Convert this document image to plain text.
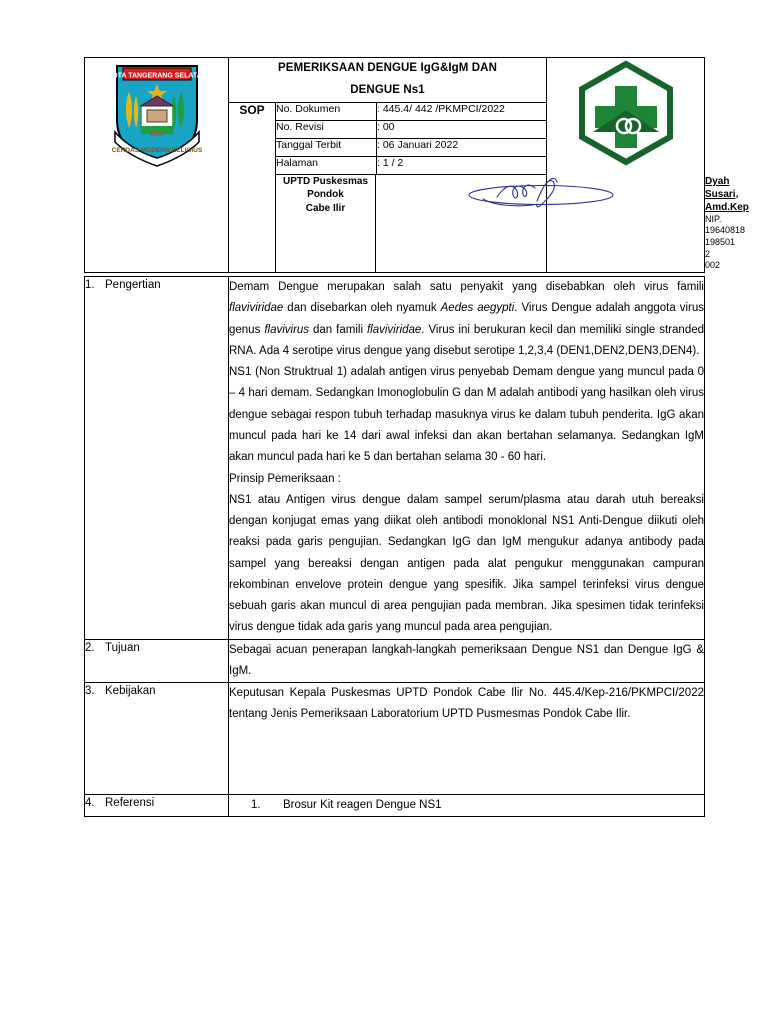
KOTA TANGERANG SELATAN
CERDAS MODERN RELIGIUS
2008

PEMERIKSAAN DENGUE IgG&IgM DAN
DENGUE Ns1

SOP	No. Dokumen	: 445.4/ 442 /PKMPCI/2022
No. Revisi	: 00
Tanggal Terbit	: 06 Januari 2022
Halaman	: 1 / 2

UPTD Puskesmas Pondok
Cabe Ilir

Dyah Susari, Amd.Kep
NIP. 19640818 198501 2 002
1. Pengertian	Demam Dengue merupakan salah satu penyakit yang disebabkan oleh virus famili flaviviridae dan disebarkan oleh nyamuk Aedes aegypti. Virus Dengue adalah anggota virus genus flavivirus dan famili flaviviridae. Virus ini berukuran kecil dan memiliki single stranded RNA. Ada 4 serotipe virus dengue yang disebut serotipe 1,2,3,4 (DEN1,DEN2,DEN3,DEN4).

NS1 (Non Struktrual 1) adalah antigen virus penyebab Demam dengue yang muncul pada 0 – 4 hari demam. Sedangkan Imonoglobulin G dan M adalah antibodi yang hasilkan oleh virus dengue sebagai respon tubuh terhadap masuknya virus ke dalam tubuh penderita. IgG akan muncul pada hari ke 14 dari awal infeksi dan akan bertahan selamanya. Sedangkan IgM akan muncul pada hari ke 5 dan bertahan selama 30 - 60 hari.

Prinsip Pemeriksaan :

NS1 atau Antigen virus dengue dalam sampel serum/plasma atau darah utuh bereaksi dengan konjugat emas yang diikat oleh antibodi monoklonal NS1 Anti-Dengue diikuti oleh reaksi pada garis pengujian. Sedangkan IgG dan IgM mengukur adanya antibody pada sampel yang bereaksi dengan antigen pada alat pengukur menggunakan campuran rekombinan envelove protein dengue yang spesifik. Jika sampel terinfeksi virus dengue sebuah garis akan muncul di area pengujian pada membran. Jika spesimen tidak terinfeksi virus dengue tidak ada garis yang muncul pada area pengujian.

2. Tujuan	Sebagai acuan penerapan langkah-langkah pemeriksaan Dengue NS1 dan Dengue IgG & IgM.

3. Kebijakan	Keputusan Kepala Puskesmas UPTD Pondok Cabe Ilir No. 445.4/Kep-216/PKMPCI/2022 tentang Jenis Pemeriksaan Laboratorium UPTD Pusmesmas Pondok Cabe Ilir.

4. Referensi	1. Brosur Kit reagen Dengue NS1
